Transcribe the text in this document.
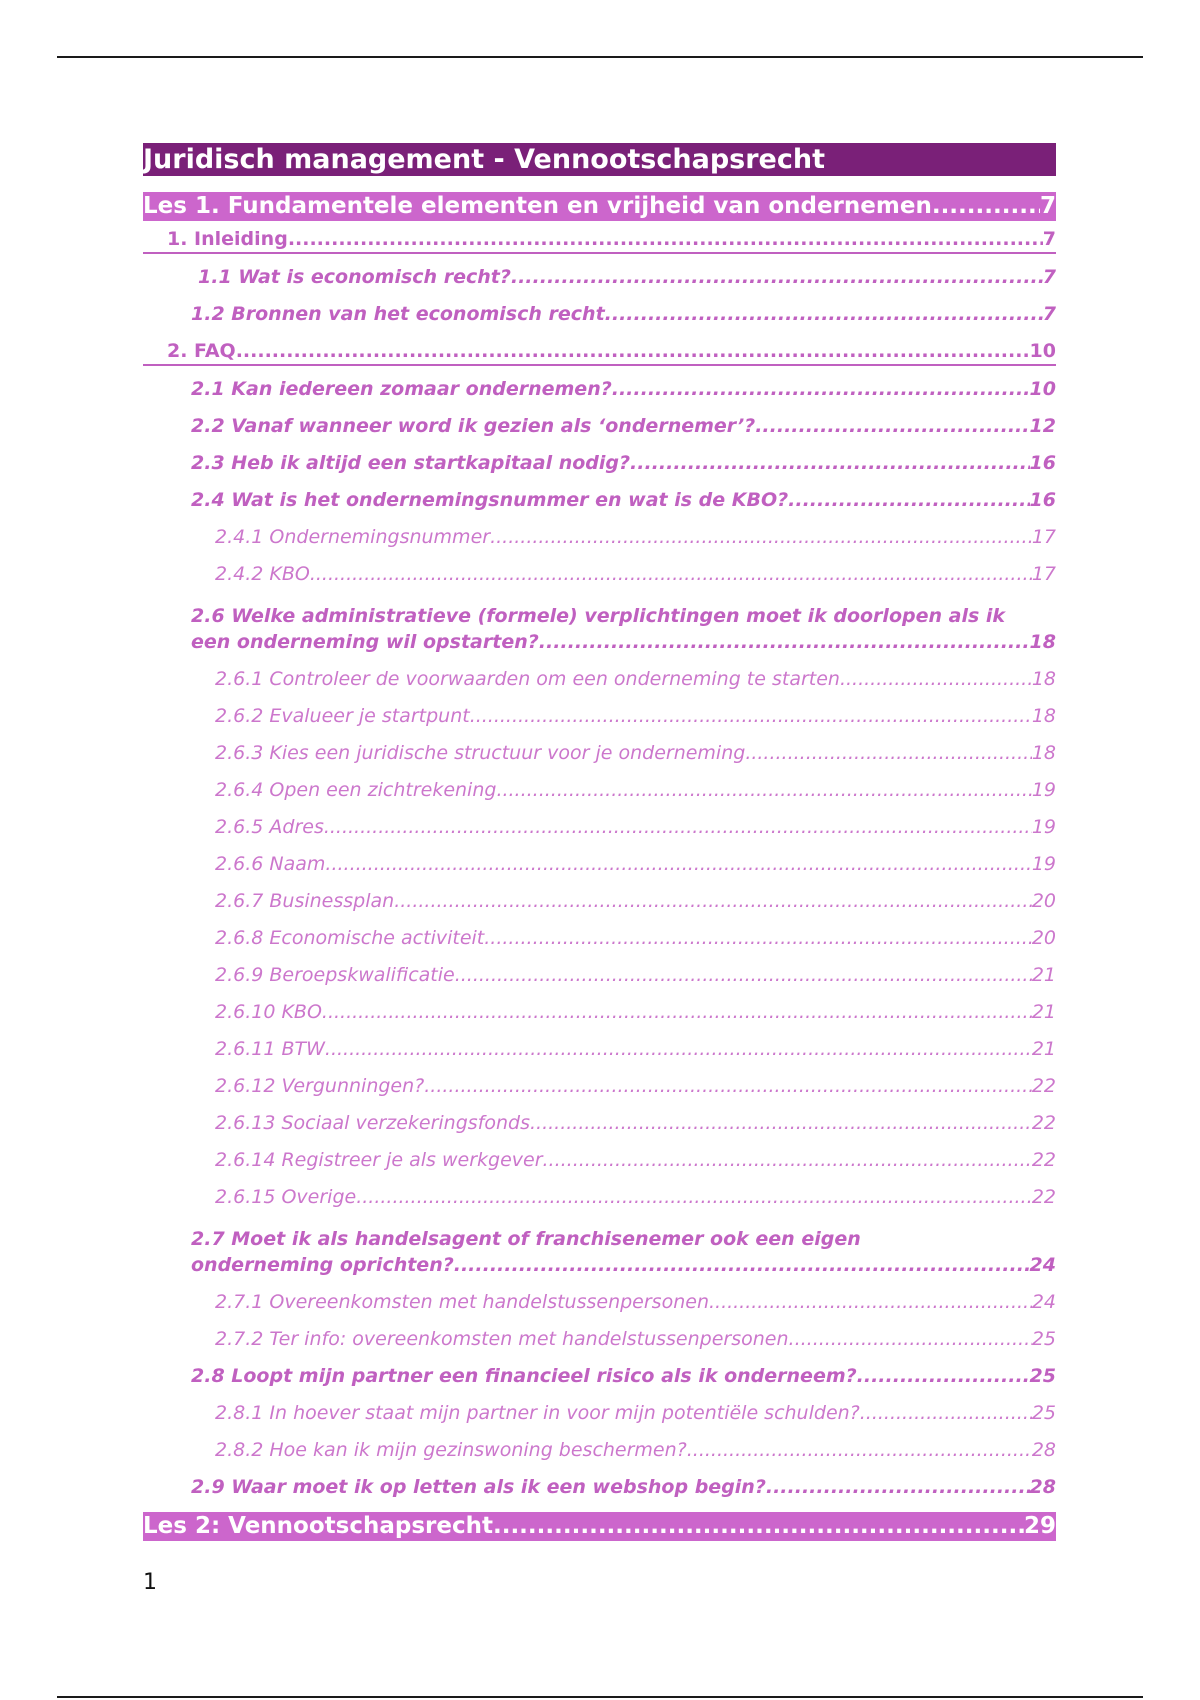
Juridisch management - Vennootschapsrecht
Les 1. Fundamentele elementen en vrijheid van ondernemen .....	7
1. Inleiding .....	7
1.1 Wat is economisch recht? .....	7
1.2 Bronnen van het economisch recht .....	7
2. FAQ .....	10
2.1 Kan iedereen zomaar ondernemen? .....	10
2.2 Vanaf wanneer word ik gezien als ‘ondernemer’? .....	12
2.3 Heb ik altijd een startkapitaal nodig? .....	16
2.4 Wat is het ondernemingsnummer en wat is de KBO? .....	16
2.4.1 Ondernemingsnummer .....	17
2.4.2 KBO .....	17
2.6 Welke administratieve (formele) verplichtingen moet ik doorlopen als ik
een onderneming wil opstarten? .....	18
2.6.1 Controleer de voorwaarden om een onderneming te starten .....	18
2.6.2 Evalueer je startpunt .....	18
2.6.3 Kies een juridische structuur voor je onderneming .....	18
2.6.4 Open een zichtrekening .....	19
2.6.5 Adres .....	19
2.6.6 Naam .....	19
2.6.7 Businessplan .....	20
2.6.8 Economische activiteit .....	20
2.6.9 Beroepskwalificatie .....	21
2.6.10 KBO .....	21
2.6.11 BTW .....	21
2.6.12 Vergunningen? .....	22
2.6.13 Sociaal verzekeringsfonds .....	22
2.6.14 Registreer je als werkgever .....	22
2.6.15 Overige .....	22
2.7 Moet ik als handelsagent of franchisenemer ook een eigen
onderneming oprichten? .....	24
2.7.1 Overeenkomsten met handelstussenpersonen .....	24
2.7.2 Ter info: overeenkomsten met handelstussenpersonen .....	25
2.8 Loopt mijn partner een financieel risico als ik onderneem? .....	25
2.8.1 In hoever staat mijn partner in voor mijn potentiële schulden? .....	25
2.8.2 Hoe kan ik mijn gezinswoning beschermen? .....	28
2.9 Waar moet ik op letten als ik een webshop begin? .....	28
Les 2: Vennootschapsrecht .....	29
1
